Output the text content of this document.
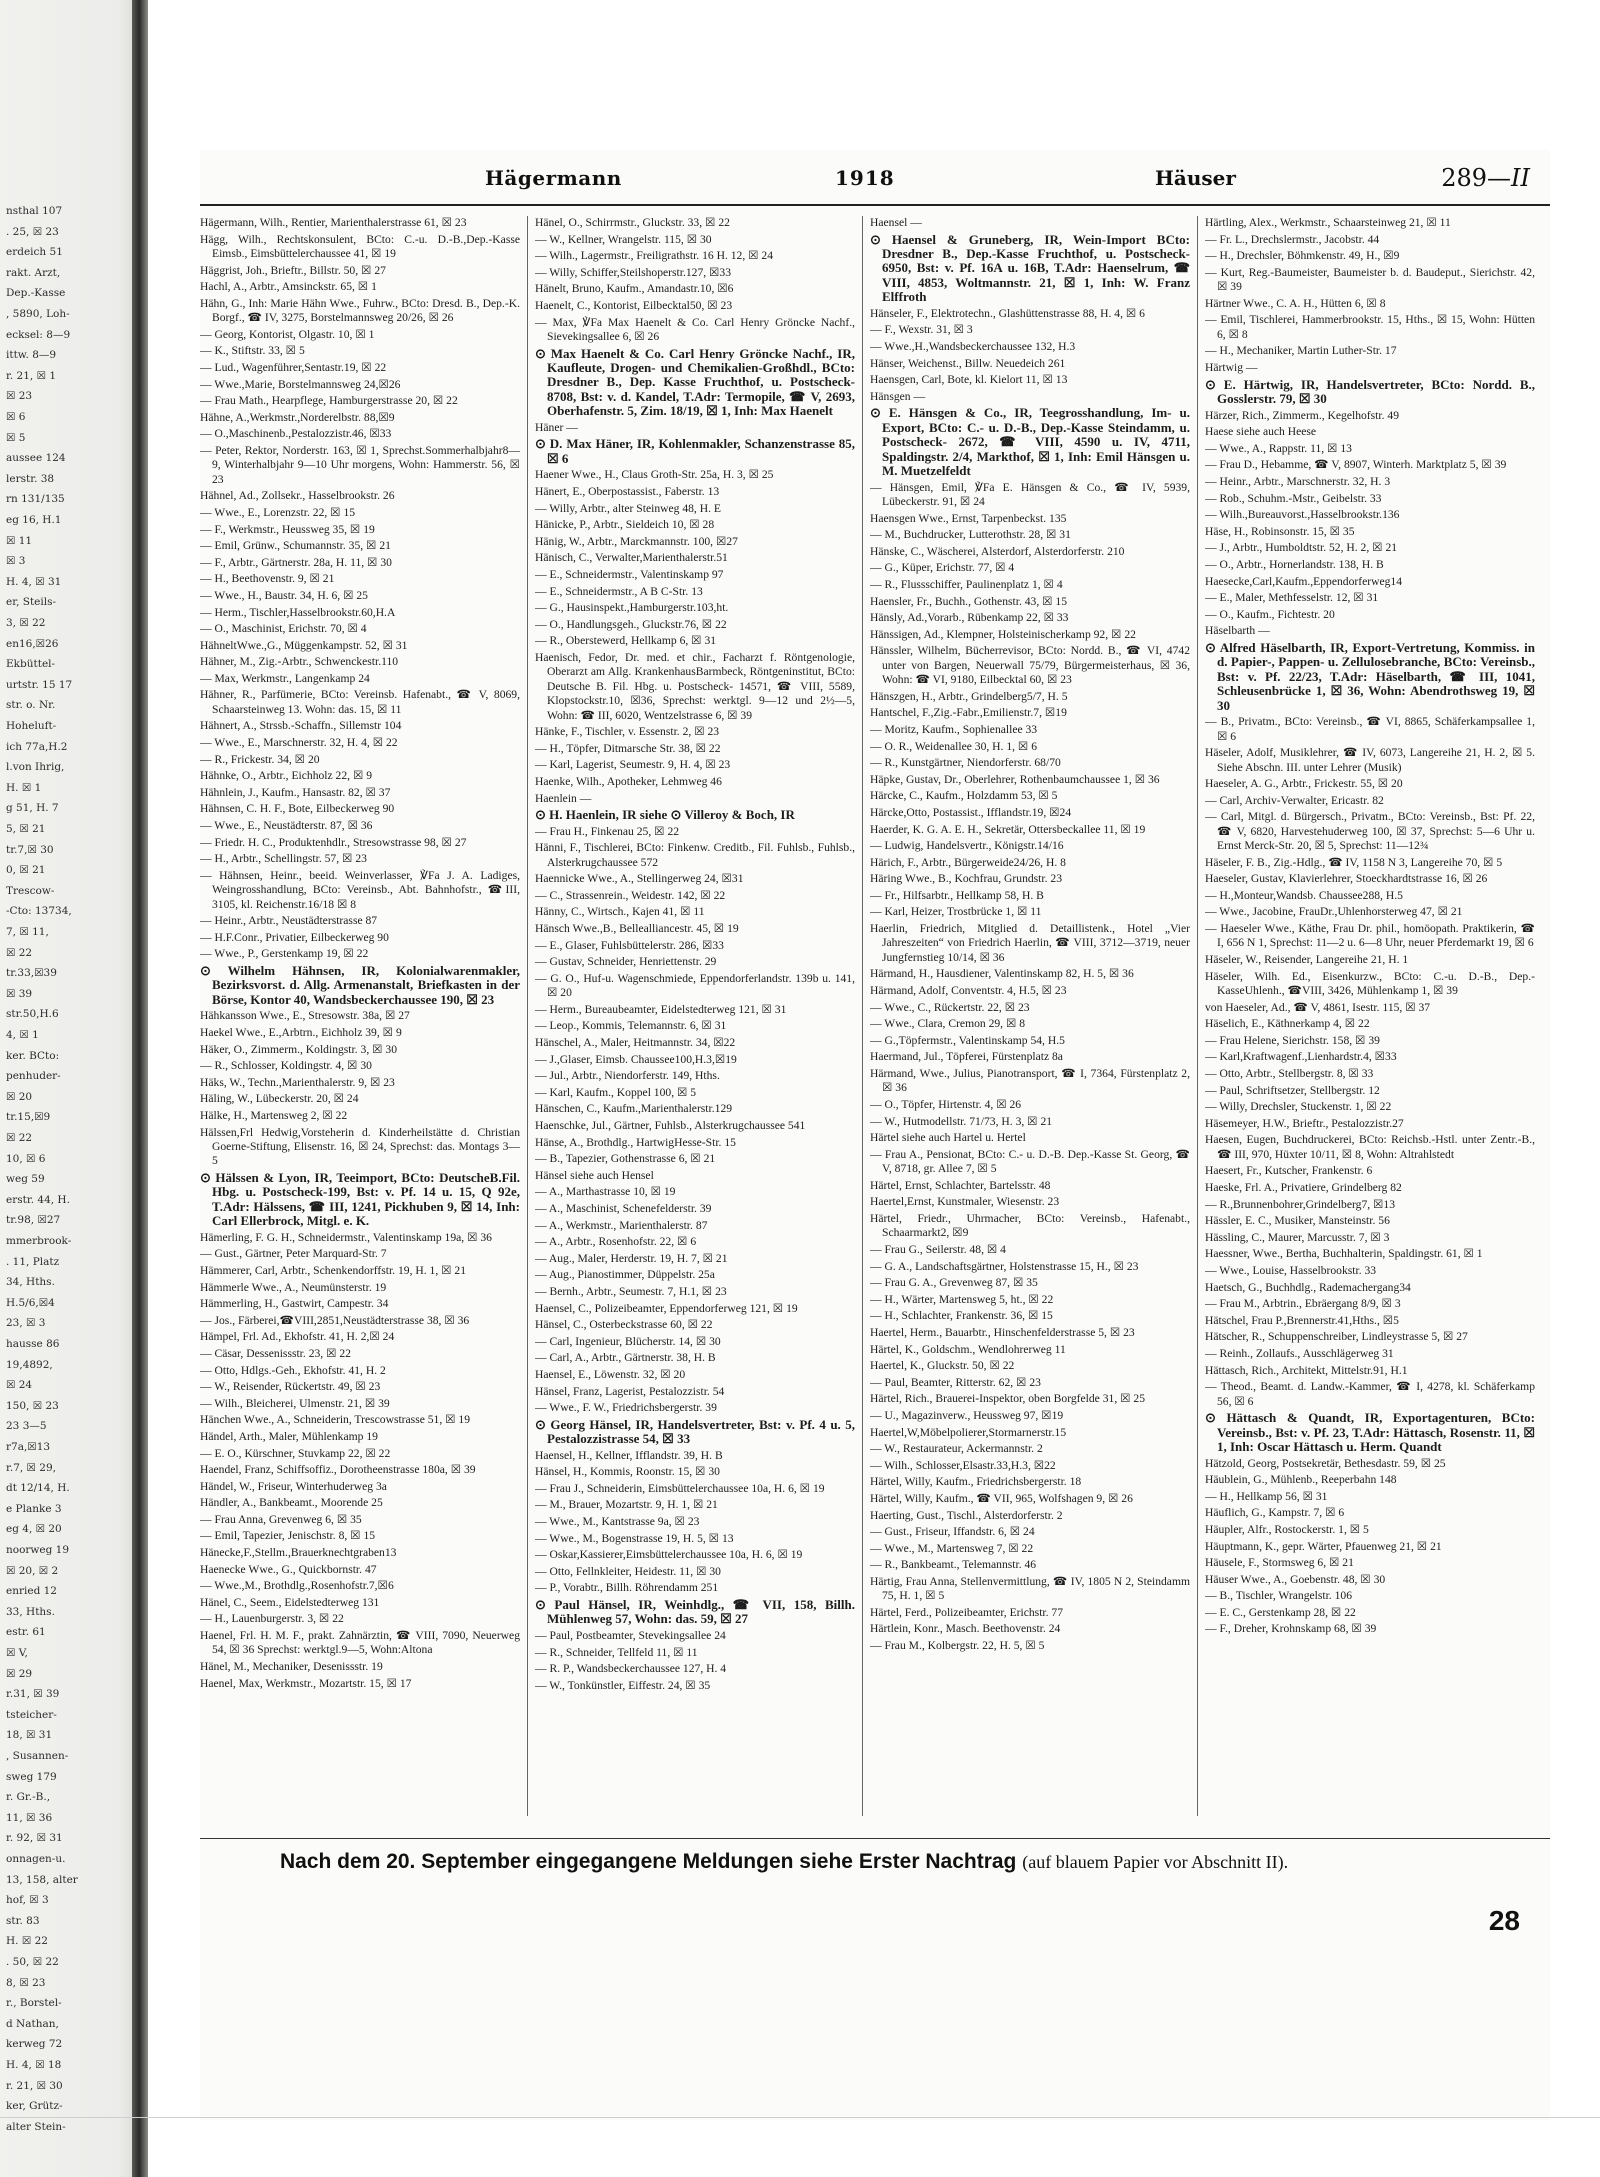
nsthal 107
. 25, ☒ 23
erdeich 51
rakt. Arzt,
Dep.-Kasse
, 5890, Loh-
ecksel: 8—9
ittw. 8—9
r. 21, ☒ 1
☒ 23
☒ 6
☒ 5
aussee 124
lerstr. 38
rn 131/135
eg 16, H.1
☒ 11
☒ 3
H. 4, ☒ 31
er, Steils-
3, ☒ 22
en16,☒26
Ekbüttel-
urtstr. 15 17
str. o. Nr.
Hoheluft-
ich 77a,H.2
l.von Ihrig,
H. ☒ 1
g 51, H. 7
5, ☒ 21
tr.7,☒ 30
0, ☒ 21
Trescow-
-Cto: 13734,
7, ☒ 11,
☒ 22
tr.33,☒39
☒ 39
str.50,H.6
4, ☒ 1
ker. BCto:
penhuder-
☒ 20
tr.15,☒9
☒ 22
10, ☒ 6
weg 59
erstr. 44, H.
tr.98, ☒27
mmerbrook-
. 11, Platz
34, Hths.
H.5/6,☒4
23, ☒ 3
hausse 86
19,4892,
☒ 24
150, ☒ 23
23 3—5
r7a,☒13
r.7, ☒ 29,
dt 12/14, H.
e Planke 3
eg 4, ☒ 20
noorweg 19
☒ 20, ☒ 2
enried 12
33, Hths.
estr. 61
☒ V,
☒ 29
r.31, ☒ 39
tsteicher-
18, ☒ 31
, Susannen-
sweg 179
r. Gr.-B.,
11, ☒ 36
r. 92, ☒ 31
onnagen-u.
13, 158, alter
hof, ☒ 3
str. 83
H. ☒ 22
. 50, ☒ 22
8, ☒ 23
r., Borstel-
d Nathan,
kerweg 72
H. 4, ☒ 18
r. 21, ☒ 30
ker, Grütz-
alter Stein-
Hägermann	1918	Häuser	289—II

Hägermann, Wilh., Rentier, Marienthalerstrasse 61, ☒ 23

Hägg, Wilh., Rechtskonsulent, BCto: C.-u. D.-B.,Dep.-Kasse Eimsb., Eimsbüttelerchaussee 41, ☒ 19

Häggrist, Joh., Brieftr., Billstr. 50, ☒ 27

Hachl, A., Arbtr., Amsinckstr. 65, ☒ 1

Hähn, G., Inh: Marie Hähn Wwe., Fuhrw., BCto: Dresd. B., Dep.-K. Borgf., ☎ IV, 3275, Borstelmannsweg 20/26, ☒ 26

— Georg, Kontorist, Olgastr. 10, ☒ 1

— K., Stiftstr. 33, ☒ 5

— Lud., Wagenführer,Sentastr.19, ☒ 22

— Wwe.,Marie, Borstelmannsweg 24,☒26

— Frau Math., Hearpflege, Hamburgerstrasse 20, ☒ 22

Hähne, A.,Werkmstr.,Norderelbstr. 88,☒9

— O.,Maschinenb.,Pestalozzistr.46, ☒33

— Peter, Rektor, Norderstr. 163, ☒ 1, Sprechst.Sommerhalbjahr8—9, Winterhalbjahr 9—10 Uhr morgens, Wohn: Hammerstr. 56, ☒ 23

Hähnel, Ad., Zollsekr., Hasselbrookstr. 26

— Wwe., E., Lorenzstr. 22, ☒ 15

— F., Werkmstr., Heussweg 35, ☒ 19

— Emil, Grünw., Schumannstr. 35, ☒ 21

— F., Arbtr., Gärtnerstr. 28a, H. 11, ☒ 30

— H., Beethovenstr. 9, ☒ 21

— Wwe., H., Baustr. 34, H. 6, ☒ 25

— Herm., Tischler,Hasselbrookstr.60,H.A

— O., Maschinist, Erichstr. 70, ☒ 4

HähneltWwe.,G., Müggenkampstr. 52, ☒ 31

Hähner, M., Zig.-Arbtr., Schwenckestr.110

— Max, Werkmstr., Langenkamp 24

Hähner, R., Parfümerie, BCto: Vereinsb. Hafenabt., ☎ V, 8069, Schaarsteinweg 13. Wohn: das. 15, ☒ 11

Hähnert, A., Strssb.-Schaffn., Sillemstr 104

— Wwe., E., Marschnerstr. 32, H. 4, ☒ 22

— R., Frickestr. 34, ☒ 20

Hähnke, O., Arbtr., Eichholz 22, ☒ 9

Hähnlein, J., Kaufm., Hansastr. 82, ☒ 37

Hähnsen, C. H. F., Bote, Eilbeckerweg 90

— Wwe., E., Neustädterstr. 87, ☒ 36

— Friedr. H. C., Produktenhdlr., Stresowstrasse 98, ☒ 27

— H., Arbtr., Schellingstr. 57, ☒ 23

— Hähnsen, Heinr., beeid. Weinverlasser, ℣Fa J. A. Ladiges, Weingrosshandlung, BCto: Vereinsb., Abt. Bahnhofstr., ☎III, 3105, kl. Reichenstr.16/18 ☒ 8

— Heinr., Arbtr., Neustädterstrasse 87

— H.F.Conr., Privatier, Eilbeckerweg 90

— Wwe., P., Gerstenkamp 19, ☒ 22

⊙ Wilhelm Hähnsen, IR, Kolonialwarenmakler, Bezirksvorst. d. Allg. Armenanstalt, Briefkasten in der Börse, Kontor 40, Wandsbeckerchaussee 190, ☒ 23

Hähkansson Wwe., E., Stresowstr. 38a, ☒ 27

Haekel Wwe., E.,Arbtrn., Eichholz 39, ☒ 9

Häker, O., Zimmerm., Koldingstr. 3, ☒ 30

— R., Schlosser, Koldingstr. 4, ☒ 30

Häks, W., Techn.,Marienthalerstr. 9, ☒ 23

Häling, W., Lübeckerstr. 20, ☒ 24

Hälke, H., Martensweg 2, ☒ 22

Hälssen,Frl Hedwig,Vorsteherin d. Kinderheilstätte d. Christian Goerne-Stiftung, Elisenstr. 16, ☒ 24, Sprechst: das. Montags 3—5

⊙ Hälssen & Lyon, IR, Teeimport, BCto: DeutscheB.Fil. Hbg. u. Postscheck-199, Bst: v. Pf. 14 u. 15, Q 92e, T.Adr: Hälssens, ☎ III, 1241, Pickhuben 9, ☒ 14, Inh: Carl Ellerbrock, Mitgl. e. K.

Hämerling, F. G. H., Schneidermstr., Valentinskamp 19a, ☒ 36

— Gust., Gärtner, Peter Marquard-Str. 7

Hämmerer, Carl, Arbtr., Schenkendorffstr. 19, H. 1, ☒ 21

Hämmerle Wwe., A., Neumünsterstr. 19

Hämmerling, H., Gastwirt, Campestr. 34

— Jos., Färberei,☎VIII,2851,Neustädterstrasse 38, ☒ 36

Hämpel, Frl. Ad., Ekhofstr. 41, H. 2,☒ 24

— Cäsar, Dessenissstr. 23, ☒ 22

— Otto, Hdlgs.-Geh., Ekhofstr. 41, H. 2

— W., Reisender, Rückertstr. 49, ☒ 23

— Wilh., Bleicherei, Ulmenstr. 21, ☒ 39

Hänchen Wwe., A., Schneiderin, Trescowstrasse 51, ☒ 19

Händel, Arth., Maler, Mühlenkamp 19

— E. O., Kürschner, Stuvkamp 22, ☒ 22

Haendel, Franz, Schiffsoffiz., Dorotheenstrasse 180a, ☒ 39

Händel, W., Friseur, Winterhuderweg 3a

Händler, A., Bankbeamt., Moorende 25

— Frau Anna, Grevenweg 6, ☒ 35

— Emil, Tapezier, Jenischstr. 8, ☒ 15

Hänecke,F.,Stellm.,Brauerknechtgraben13

Haenecke Wwe., G., Quickbornstr. 47

— Wwe.,M., Brothdlg.,Rosenhofstr.7,☒6

Hänel, C., Seem., Eidelstedterweg 131

— H., Lauenburgerstr. 3, ☒ 22

Haenel, Frl. H. M. F., prakt. Zahnärztin, ☎ VIII, 7090, Neuerweg 54, ☒ 36 Sprechst: werktgl.9—5, Wohn:Altona

Hänel, M., Mechaniker, Desenissstr. 19

Haenel, Max, Werkmstr., Mozartstr. 15, ☒ 17

Hänel, O., Schirrmstr., Gluckstr. 33, ☒ 22

— W., Kellner, Wrangelstr. 115, ☒ 30

— Wilh., Lagermstr., Freiligrathstr. 16 H. 12, ☒ 24

— Willy, Schiffer,Steilshoperstr.127, ☒33

Hänelt, Bruno, Kaufm., Amandastr.10, ☒6

Haenelt, C., Kontorist, Eilbecktal50, ☒ 23

— Max, ℣Fa Max Haenelt & Co. Carl Henry Gröncke Nachf., Sievekingsallee 6, ☒ 26

⊙ Max Haenelt & Co. Carl Henry Gröncke Nachf., IR, Kaufleute, Drogen- und Chemikalien-Großhdl., BCto: Dresdner B., Dep. Kasse Fruchthof, u. Postscheck- 8708, Bst: v. d. Kandel, T.Adr: Termopile, ☎ V, 2693, Oberhafenstr. 5, Zim. 18/19, ☒ 1, Inh: Max Haenelt

Häner —

⊙ D. Max Häner, IR, Kohlenmakler, Schanzenstrasse 85, ☒ 6

Haener Wwe., H., Claus Groth-Str. 25a, H. 3, ☒ 25

Hänert, E., Oberpostassist., Faberstr. 13

— Willy, Arbtr., alter Steinweg 48, H. E

Hänicke, P., Arbtr., Sieldeich 10, ☒ 28

Hänig, W., Arbtr., Marckmannstr. 100, ☒27

Hänisch, C., Verwalter,Marienthalerstr.51

— E., Schneidermstr., Valentinskamp 97

— E., Schneidermstr., A B C-Str. 13

— G., Hausinspekt.,Hamburgerstr.103,ht.

— O., Handlungsgeh., Gluckstr.76, ☒ 22

— R., Oberstewerd, Hellkamp 6, ☒ 31

Haenisch, Fedor, Dr. med. et chir., Facharzt f. Röntgenologie, Oberarzt am Allg. KrankenhausBarmbeck, Röntgeninstitut, BCto: Deutsche B. Fil. Hbg. u. Postscheck- 14571, ☎ VIII, 5589, Klopstockstr.10, ☒36, Sprechst: werktgl. 9—12 und 2½—5, Wohn: ☎ III, 6020, Wentzelstrasse 6, ☒ 39

Hänke, F., Tischler, v. Essenstr. 2, ☒ 23

— H., Töpfer, Ditmarsche Str. 38, ☒ 22

— Karl, Lagerist, Seumestr. 9, H. 4, ☒ 23

Haenke, Wilh., Apotheker, Lehmweg 46

Haenlein —

⊙ H. Haenlein, IR siehe ⊙ Villeroy & Boch, IR

— Frau H., Finkenau 25, ☒ 22

Hänni, F., Tischlerei, BCto: Finkenw. Creditb., Fil. Fuhlsb., Fuhlsb., Alsterkrugchaussee 572

Haennicke Wwe., A., Stellingerweg 24, ☒31

— C., Strassenrein., Weidestr. 142, ☒ 22

Hänny, C., Wirtsch., Kajen 41, ☒ 11

Hänsch Wwe.,B., Bellealliancestr. 45, ☒ 19

— E., Glaser, Fuhlsbüttelerstr. 286, ☒33

— Gustav, Schneider, Henriettenstr. 29

— G. O., Huf-u. Wagenschmiede, Eppendorferlandstr. 139b u. 141, ☒ 20

— Herm., Bureaubeamter, Eidelstedterweg 121, ☒ 31

— Leop., Kommis, Telemannstr. 6, ☒ 31

Hänschel, A., Maler, Heitmannstr. 34, ☒22

— J.,Glaser, Eimsb. Chaussee100,H.3,☒19

— Jul., Arbtr., Niendorferstr. 149, Hths.

— Karl, Kaufm., Koppel 100, ☒ 5

Hänschen, C., Kaufm.,Marienthalerstr.129

Haenschke, Jul., Gärtner, Fuhlsb., Alsterkrugchaussee 541

Hänse, A., Brothdlg., HartwigHesse-Str. 15

— B., Tapezier, Gothenstrasse 6, ☒ 21

Hänsel siehe auch Hensel

— A., Marthastrasse 10, ☒ 19

— A., Maschinist, Schenefelderstr. 39

— A., Werkmstr., Marienthalerstr. 87

— A., Arbtr., Rosenhofstr. 22, ☒ 6

— Aug., Maler, Herderstr. 19, H. 7, ☒ 21

— Aug., Pianostimmer, Düppelstr. 25a

— Bernh., Arbtr., Seumestr. 7, H.1, ☒ 23

Haensel, C., Polizeibeamter, Eppendorferweg 121, ☒ 19

Hänsel, C., Osterbeckstrasse 60, ☒ 22

— Carl, Ingenieur, Blücherstr. 14, ☒ 30

— Carl, A., Arbtr., Gärtnerstr. 38, H. B

Haensel, E., Löwenstr. 32, ☒ 20

Hänsel, Franz, Lagerist, Pestalozzistr. 54

— Wwe., F. W., Friedrichsbergerstr. 39

⊙ Georg Hänsel, IR, Handelsvertreter, Bst: v. Pf. 4 u. 5, Pestalozzistrasse 54, ☒ 33

Haensel, H., Kellner, Ifflandstr. 39, H. B

Hänsel, H., Kommis, Roonstr. 15, ☒ 30

— Frau J., Schneiderin, Eimsbüttelerchaussee 10a, H. 6, ☒ 19

— M., Brauer, Mozartstr. 9, H. 1, ☒ 21

— Wwe., M., Kantstrasse 9a, ☒ 23

— Wwe., M., Bogenstrasse 19, H. 5, ☒ 13

— Oskar,Kassierer,Eimsbüttelerchaussee 10a, H. 6, ☒ 19

— Otto, Fellnkleiter, Heidestr. 11, ☒ 30

— P., Vorabtr., Billh. Röhrendamm 251

⊙ Paul Hänsel, IR, Weinhdlg., ☎ VII, 158, Billh. Mühlenweg 57, Wohn: das. 59, ☒ 27

— Paul, Postbeamter, Stevekingsallee 24

— R., Schneider, Tellfeld 11, ☒ 11

— R. P., Wandsbeckerchaussee 127, H. 4

— W., Tonkünstler, Eiffestr. 24, ☒ 35

Haensel —

⊙ Haensel & Gruneberg, IR, Wein-Import BCto: Dresdner B., Dep.-Kasse Fruchthof, u. Postscheck-6950, Bst: v. Pf. 16A u. 16B, T.Adr: Haenselrum, ☎ VIII, 4853, Woltmannstr. 21, ☒ 1, Inh: W. Franz Elffroth

Hänseler, F., Elektrotechn., Glashüttenstrasse 88, H. 4, ☒ 6

— F., Wexstr. 31, ☒ 3

— Wwe.,H.,Wandsbeckerchaussee 132, H.3

Hänser, Weichenst., Billw. Neuedeich 261

Haensgen, Carl, Bote, kl. Kielort 11, ☒ 13

Hänsgen —

⊙ E. Hänsgen & Co., IR, Teegrosshandlung, Im- u. Export, BCto: C.- u. D.-B., Dep.-Kasse Steindamm, u. Postscheck- 2672, ☎ VIII, 4590 u. IV, 4711, Spaldingstr. 2/4, Markthof, ☒ 1, Inh: Emil Hänsgen u. M. Muetzelfeldt

— Hänsgen, Emil, ℣Fa E. Hänsgen & Co., ☎ IV, 5939, Lübeckerstr. 91, ☒ 24

Haensgen Wwe., Ernst, Tarpenbeckst. 135

— M., Buchdrucker, Lutterothstr. 28, ☒ 31

Hänske, C., Wäscherei, Alsterdorf, Alsterdorferstr. 210

— G., Küper, Erichstr. 77, ☒ 4

— R., Flussschiffer, Paulinenplatz 1, ☒ 4

Haensler, Fr., Buchh., Gothenstr. 43, ☒ 15

Hänsly, Ad.,Vorarb., Rübenkamp 22, ☒ 33

Hänssigen, Ad., Klempner, Holsteinischerkamp 92, ☒ 22

Hänssler, Wilhelm, Bücherrevisor, BCto: Nordd. B., ☎ VI, 4742 unter von Bargen, Neuerwall 75/79, Bürgermeisterhaus, ☒ 36, Wohn: ☎ VI, 9180, Eilbecktal 60, ☒ 23

Hänszgen, H., Arbtr., Grindelberg5/7, H. 5

Hantschel, F.,Zig.-Fabr.,Emilienstr.7, ☒19

— Moritz, Kaufm., Sophienallee 33

— O. R., Weidenallee 30, H. 1, ☒ 6

— R., Kunstgärtner, Niendorferstr. 68/70

Häpke, Gustav, Dr., Oberlehrer, Rothenbaumchaussee 1, ☒ 36

Härcke, C., Kaufm., Holzdamm 53, ☒ 5

Härcke,Otto, Postassist., Ifflandstr.19, ☒24

Haerder, K. G. A. E. H., Sekretär, Ottersbeckallee 11, ☒ 19

— Ludwig, Handelsvertr., Königstr.14/16

Härich, F., Arbtr., Bürgerweide24/26, H. 8

Häring Wwe., B., Kochfrau, Grundstr. 23

— Fr., Hilfsarbtr., Hellkamp 58, H. B

— Karl, Heizer, Trostbrücke 1, ☒ 11

Haerlin, Friedrich, Mitglied d. Detaillistenk., Hotel „Vier Jahreszeiten“ von Friedrich Haerlin, ☎ VIII, 3712—3719, neuer Jungfernstieg 10/14, ☒ 36

Härmand, H., Hausdiener, Valentinskamp 82, H. 5, ☒ 36

Härmand, Adolf, Conventstr. 4, H.5, ☒ 23

— Wwe., C., Rückertstr. 22, ☒ 23

— Wwe., Clara, Cremon 29, ☒ 8

— G.,Töpfermstr., Valentinskamp 54, H.5

Haermand, Jul., Töpferei, Fürstenplatz 8a

Härmand, Wwe., Julius, Pianotransport, ☎ I, 7364, Fürstenplatz 2, ☒ 36

— O., Töpfer, Hirtenstr. 4, ☒ 26

— W., Hutmodellstr. 71/73, H. 3, ☒ 21

Härtel siehe auch Hartel u. Hertel

— Frau A., Pensionat, BCto: C.- u. D.-B. Dep.-Kasse St. Georg, ☎ V, 8718, gr. Allee 7, ☒ 5

Härtel, Ernst, Schlachter, Bartelsstr. 48

Haertel,Ernst, Kunstmaler, Wiesenstr. 23

Härtel, Friedr., Uhrmacher, BCto: Vereinsb., Hafenabt., Schaarmarkt2, ☒9

— Frau G., Seilerstr. 48, ☒ 4

— G. A., Landschaftsgärtner, Holstenstrasse 15, H., ☒ 23

— Frau G. A., Grevenweg 87, ☒ 35

— H., Wärter, Martensweg 5, ht., ☒ 22

— H., Schlachter, Frankenstr. 36, ☒ 15

Haertel, Herm., Bauarbtr., Hinschenfelderstrasse 5, ☒ 23

Härtel, K., Goldschm., Wendlohrerweg 11

Haertel, K., Gluckstr. 50, ☒ 22

— Paul, Beamter, Ritterstr. 62, ☒ 23

Härtel, Rich., Brauerei-Inspektor, oben Borgfelde 31, ☒ 25

— U., Magazinverw., Heussweg 97, ☒19

Haertel,W,Möbelpolierer,Stormarnerstr.15

— W., Restaurateur, Ackermannstr. 2

— Wilh., Schlosser,Elsastr.33,H.3, ☒22

Härtel, Willy, Kaufm., Friedrichsbergerstr. 18

Härtel, Willy, Kaufm., ☎ VII, 965, Wolfshagen 9, ☒ 26

Haerting, Gust., Tischl., Alsterdorferstr. 2

— Gust., Friseur, Iffandstr. 6, ☒ 24

— Wwe., M., Martensweg 7, ☒ 22

— R., Bankbeamt., Telemannstr. 46

Härtig, Frau Anna, Stellenvermittlung, ☎ IV, 1805 N 2, Steindamm 75, H. 1, ☒ 5

Härtel, Ferd., Polizeibeamter, Erichstr. 77

Härtlein, Konr., Masch. Beethovenstr. 24

— Frau M., Kolbergstr. 22, H. 5, ☒ 5

Härtling, Alex., Werkmstr., Schaarsteinweg 21, ☒ 11

— Fr. L., Drechslermstr., Jacobstr. 44

— H., Drechsler, Böhmkenstr. 49, H., ☒9

— Kurt, Reg.-Baumeister, Baumeister b. d. Baudeput., Sierichstr. 42, ☒ 39

Härtner Wwe., C. A. H., Hütten 6, ☒ 8

— Emil, Tischlerei, Hammerbrookstr. 15, Hths., ☒ 15, Wohn: Hütten 6, ☒ 8

— H., Mechaniker, Martin Luther-Str. 17

Härtwig —

⊙ E. Härtwig, IR, Handelsvertreter, BCto: Nordd. B., Gosslerstr. 79, ☒ 30

Härzer, Rich., Zimmerm., Kegelhofstr. 49

Haese siehe auch Heese

— Wwe., A., Rappstr. 11, ☒ 13

— Frau D., Hebamme, ☎ V, 8907, Winterh. Marktplatz 5, ☒ 39

— Heinr., Arbtr., Marschnerstr. 32, H. 3

— Rob., Schuhm.-Mstr., Geibelstr. 33

— Wilh.,Bureauvorst.,Hasselbrookstr.136

Häse, H., Robinsonstr. 15, ☒ 35

— J., Arbtr., Humboldtstr. 52, H. 2, ☒ 21

— O., Arbtr., Hornerlandstr. 138, H. B

Haesecke,Carl,Kaufm.,Eppendorferweg14

— E., Maler, Methfesselstr. 12, ☒ 31

— O., Kaufm., Fichtestr. 20

Häselbarth —

⊙ Alfred Häselbarth, IR, Export-Vertretung, Kommiss. in d. Papier-, Pappen- u. Zellulosebranche, BCto: Vereinsb., Bst: v. Pf. 22/23, T.Adr: Häselbarth, ☎ III, 1041, Schleusenbrücke 1, ☒ 36, Wohn: Abendrothsweg 19, ☒ 30

— B., Privatm., BCto: Vereinsb., ☎ VI, 8865, Schäferkampsallee 1, ☒ 6

Häseler, Adolf, Musiklehrer, ☎ IV, 6073, Langereihe 21, H. 2, ☒ 5. Siehe Abschn. III. unter Lehrer (Musik)

Haeseler, A. G., Arbtr., Frickestr. 55, ☒ 20

— Carl, Archiv-Verwalter, Ericastr. 82

— Carl, Mitgl. d. Bürgersch., Privatm., BCto: Vereinsb., Bst: Pf. 22, ☎ V, 6820, Harvestehuderweg 100, ☒ 37, Sprechst: 5—6 Uhr u. Ernst Merck-Str. 20, ☒ 5, Sprechst: 11—12¾

Häseler, F. B., Zig.-Hdlg., ☎ IV, 1158 N 3, Langereihe 70, ☒ 5

Haeseler, Gustav, Klavierlehrer, Stoeckhardtstrasse 16, ☒ 26

— H.,Monteur,Wandsb. Chaussee288, H.5

— Wwe., Jacobine, FrauDr.,Uhlenhorsterweg 47, ☒ 21

— Haeseler Wwe., Käthe, Frau Dr. phil., homöopath. Praktikerin, ☎ I, 656 N 1, Sprechst: 11—2 u. 6—8 Uhr, neuer Pferdemarkt 19, ☒ 6

Häseler, W., Reisender, Langereihe 21, H. 1

Häseler, Wilh. Ed., Eisenkurzw., BCto: C.-u. D.-B., Dep.-KasseUhlenh., ☎VIII, 3426, Mühlenkamp 1, ☒ 39

von Haeseler, Ad., ☎ V, 4861, Isestr. 115, ☒ 37

Häselich, E., Käthnerkamp 4, ☒ 22

— Frau Helene, Sierichstr. 158, ☒ 39

— Karl,Kraftwagenf.,Lienhardstr.4, ☒33

— Otto, Arbtr., Stellbergstr. 8, ☒ 33

— Paul, Schriftsetzer, Stellbergstr. 12

— Willy, Drechsler, Stuckenstr. 1, ☒ 22

Häsemeyer, H.W., Brieftr., Pestalozzistr.27

Haesen, Eugen, Buchdruckerei, BCto: Reichsb.-Hstl. unter Zentr.-B., ☎ III, 970, Hüxter 10/11, ☒ 8, Wohn: Altrahlstedt

Haesert, Fr., Kutscher, Frankenstr. 6

Haeske, Frl. A., Privatiere, Grindelberg 82

— R.,Brunnenbohrer,Grindelberg7, ☒13

Hässler, E. C., Musiker, Mansteinstr. 56

Hässling, C., Maurer, Marcusstr. 7, ☒ 3

Haessner, Wwe., Bertha, Buchhalterin, Spaldingstr. 61, ☒ 1

— Wwe., Louise, Hasselbrookstr. 33

Haetsch, G., Buchhdlg., Rademachergang34

— Frau M., Arbtrin., Ebräergang 8/9, ☒ 3

Hätschel, Frau P.,Brennerstr.41,Hths., ☒5

Hätscher, R., Schuppenschreiber, Lindleystrasse 5, ☒ 27

— Reinh., Zollaufs., Ausschlägerweg 31

Hättasch, Rich., Architekt, Mittelstr.91, H.1

— Theod., Beamt. d. Landw.-Kammer, ☎ I, 4278, kl. Schäferkamp 56, ☒ 6

⊙ Hättasch & Quandt, IR, Exportagenturen, BCto: Vereinsb., Bst: v. Pf. 23, T.Adr: Hättasch, Rosenstr. 11, ☒ 1, Inh: Oscar Hättasch u. Herm. Quandt

Hätzold, Georg, Postsekretär, Bethesdastr. 59, ☒ 25

Häublein, G., Mühlenb., Reeperbahn 148

— H., Hellkamp 56, ☒ 31

Häuflich, G., Kampstr. 7, ☒ 6

Häupler, Alfr., Rostockerstr. 1, ☒ 5

Häuptmann, K., gepr. Wärter, Pfauenweg 21, ☒ 21

Häusele, F., Stormsweg 6, ☒ 21

Häuser Wwe., A., Goebenstr. 48, ☒ 30

— B., Tischler, Wrangelstr. 106

— E. C., Gerstenkamp 28, ☒ 22

— F., Dreher, Krohnskamp 68, ☒ 39

Nach dem 20. September eingegangene Meldungen siehe Erster Nachtrag (auf blauem Papier vor Abschnitt II).
28
